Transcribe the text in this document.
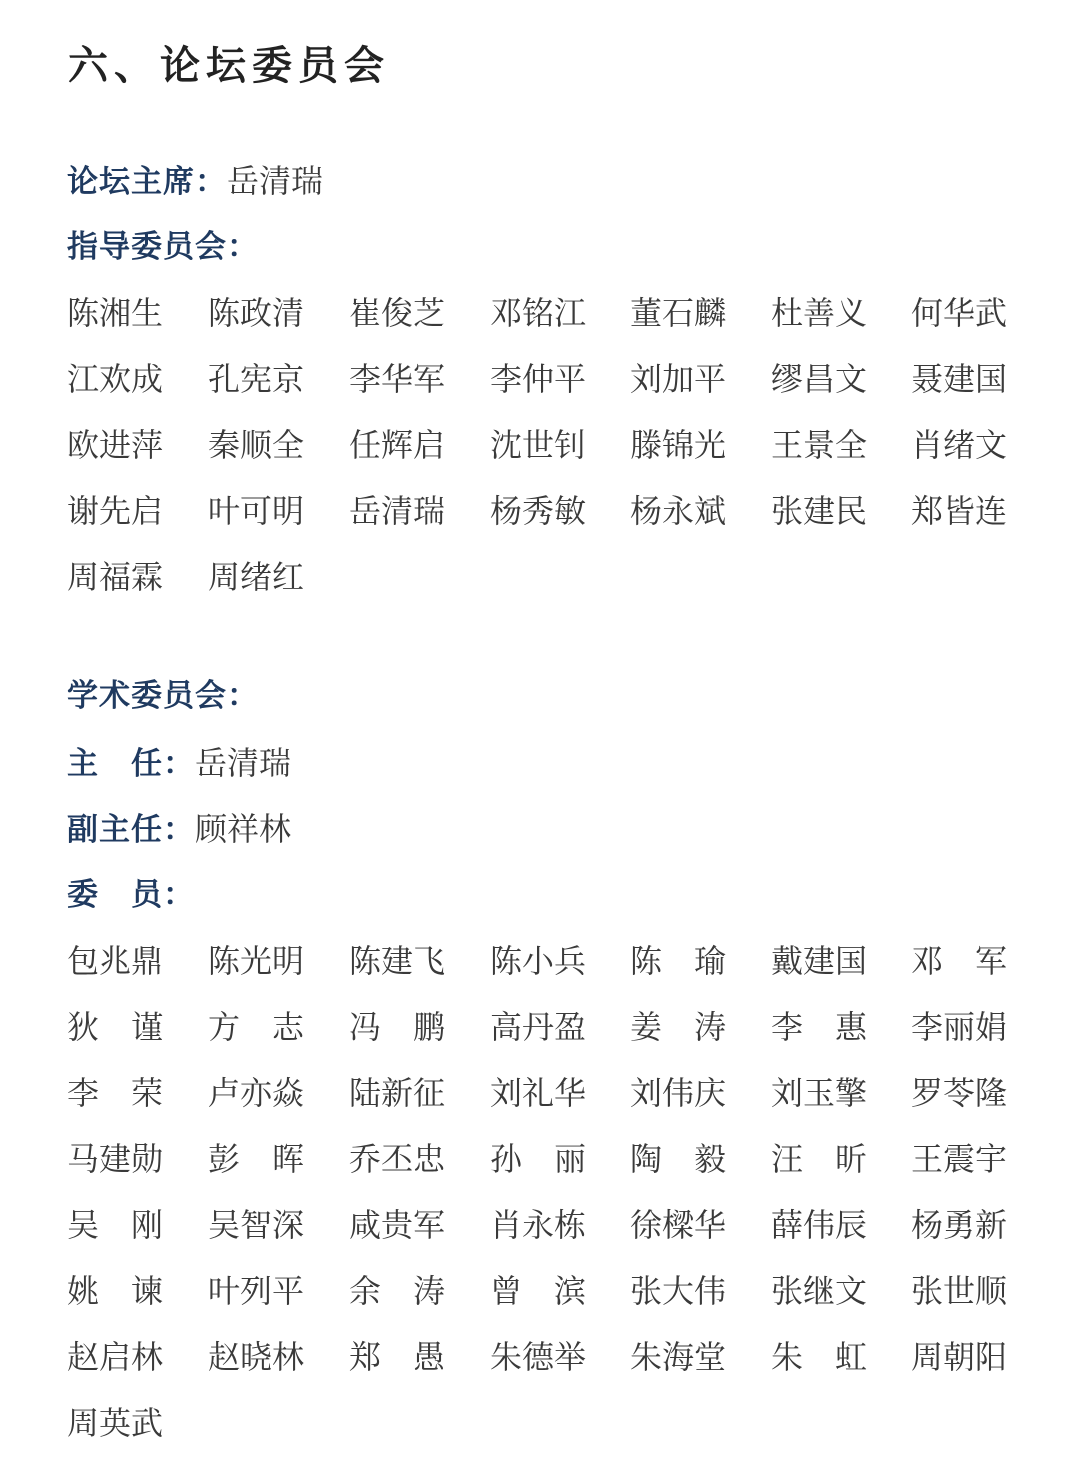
六、论坛委员会
论坛主席：岳清瑞
指导委员会：
陈湘生	陈政清	崔俊芝	邓铭江	董石麟	杜善义	何华武
江欢成	孔宪京	李华军	李仲平	刘加平	缪昌文	聂建国
欧进萍	秦顺全	任辉启	沈世钊	滕锦光	王景全	肖绪文
谢先启	叶可明	岳清瑞	杨秀敏	杨永斌	张建民	郑皆连
周福霖	周绪红
学术委员会：
主　任：岳清瑞
副主任：顾祥林
委　员：
包兆鼎	陈光明	陈建飞	陈小兵	陈　瑜	戴建国	邓　军
狄　谨	方　志	冯　鹏	高丹盈	姜　涛	李　惠	李丽娟
李　荣	卢亦焱	陆新征	刘礼华	刘伟庆	刘玉擎	罗苓隆
马建勋	彭　晖	乔丕忠	孙　丽	陶　毅	汪　昕	王震宇
吴　刚	吴智深	咸贵军	肖永栋	徐樑华	薛伟辰	杨勇新
姚　谏	叶列平	余　涛	曾　滨	张大伟	张继文	张世顺
赵启林	赵晓林	郑　愚	朱德举	朱海堂	朱　虹	周朝阳
周英武
